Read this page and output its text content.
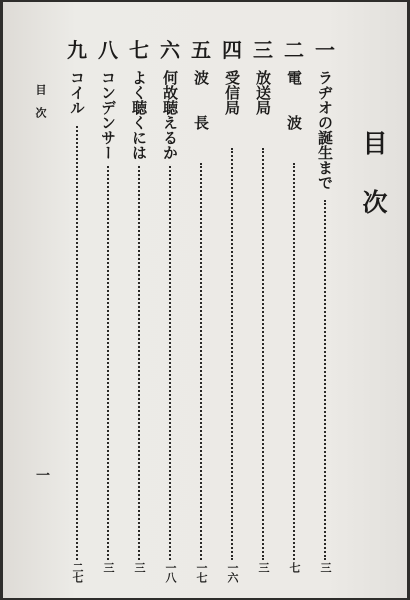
目次
一
ラヂオの誕生まで
三
二
電　　波
七
三
放送局
三
四
受信局
一六
五
波　　長
一七
六
何故聴えるか
一八
七
よく聴くには
三
八
コンデンサー
三
九
コイル
二七
目次
一
